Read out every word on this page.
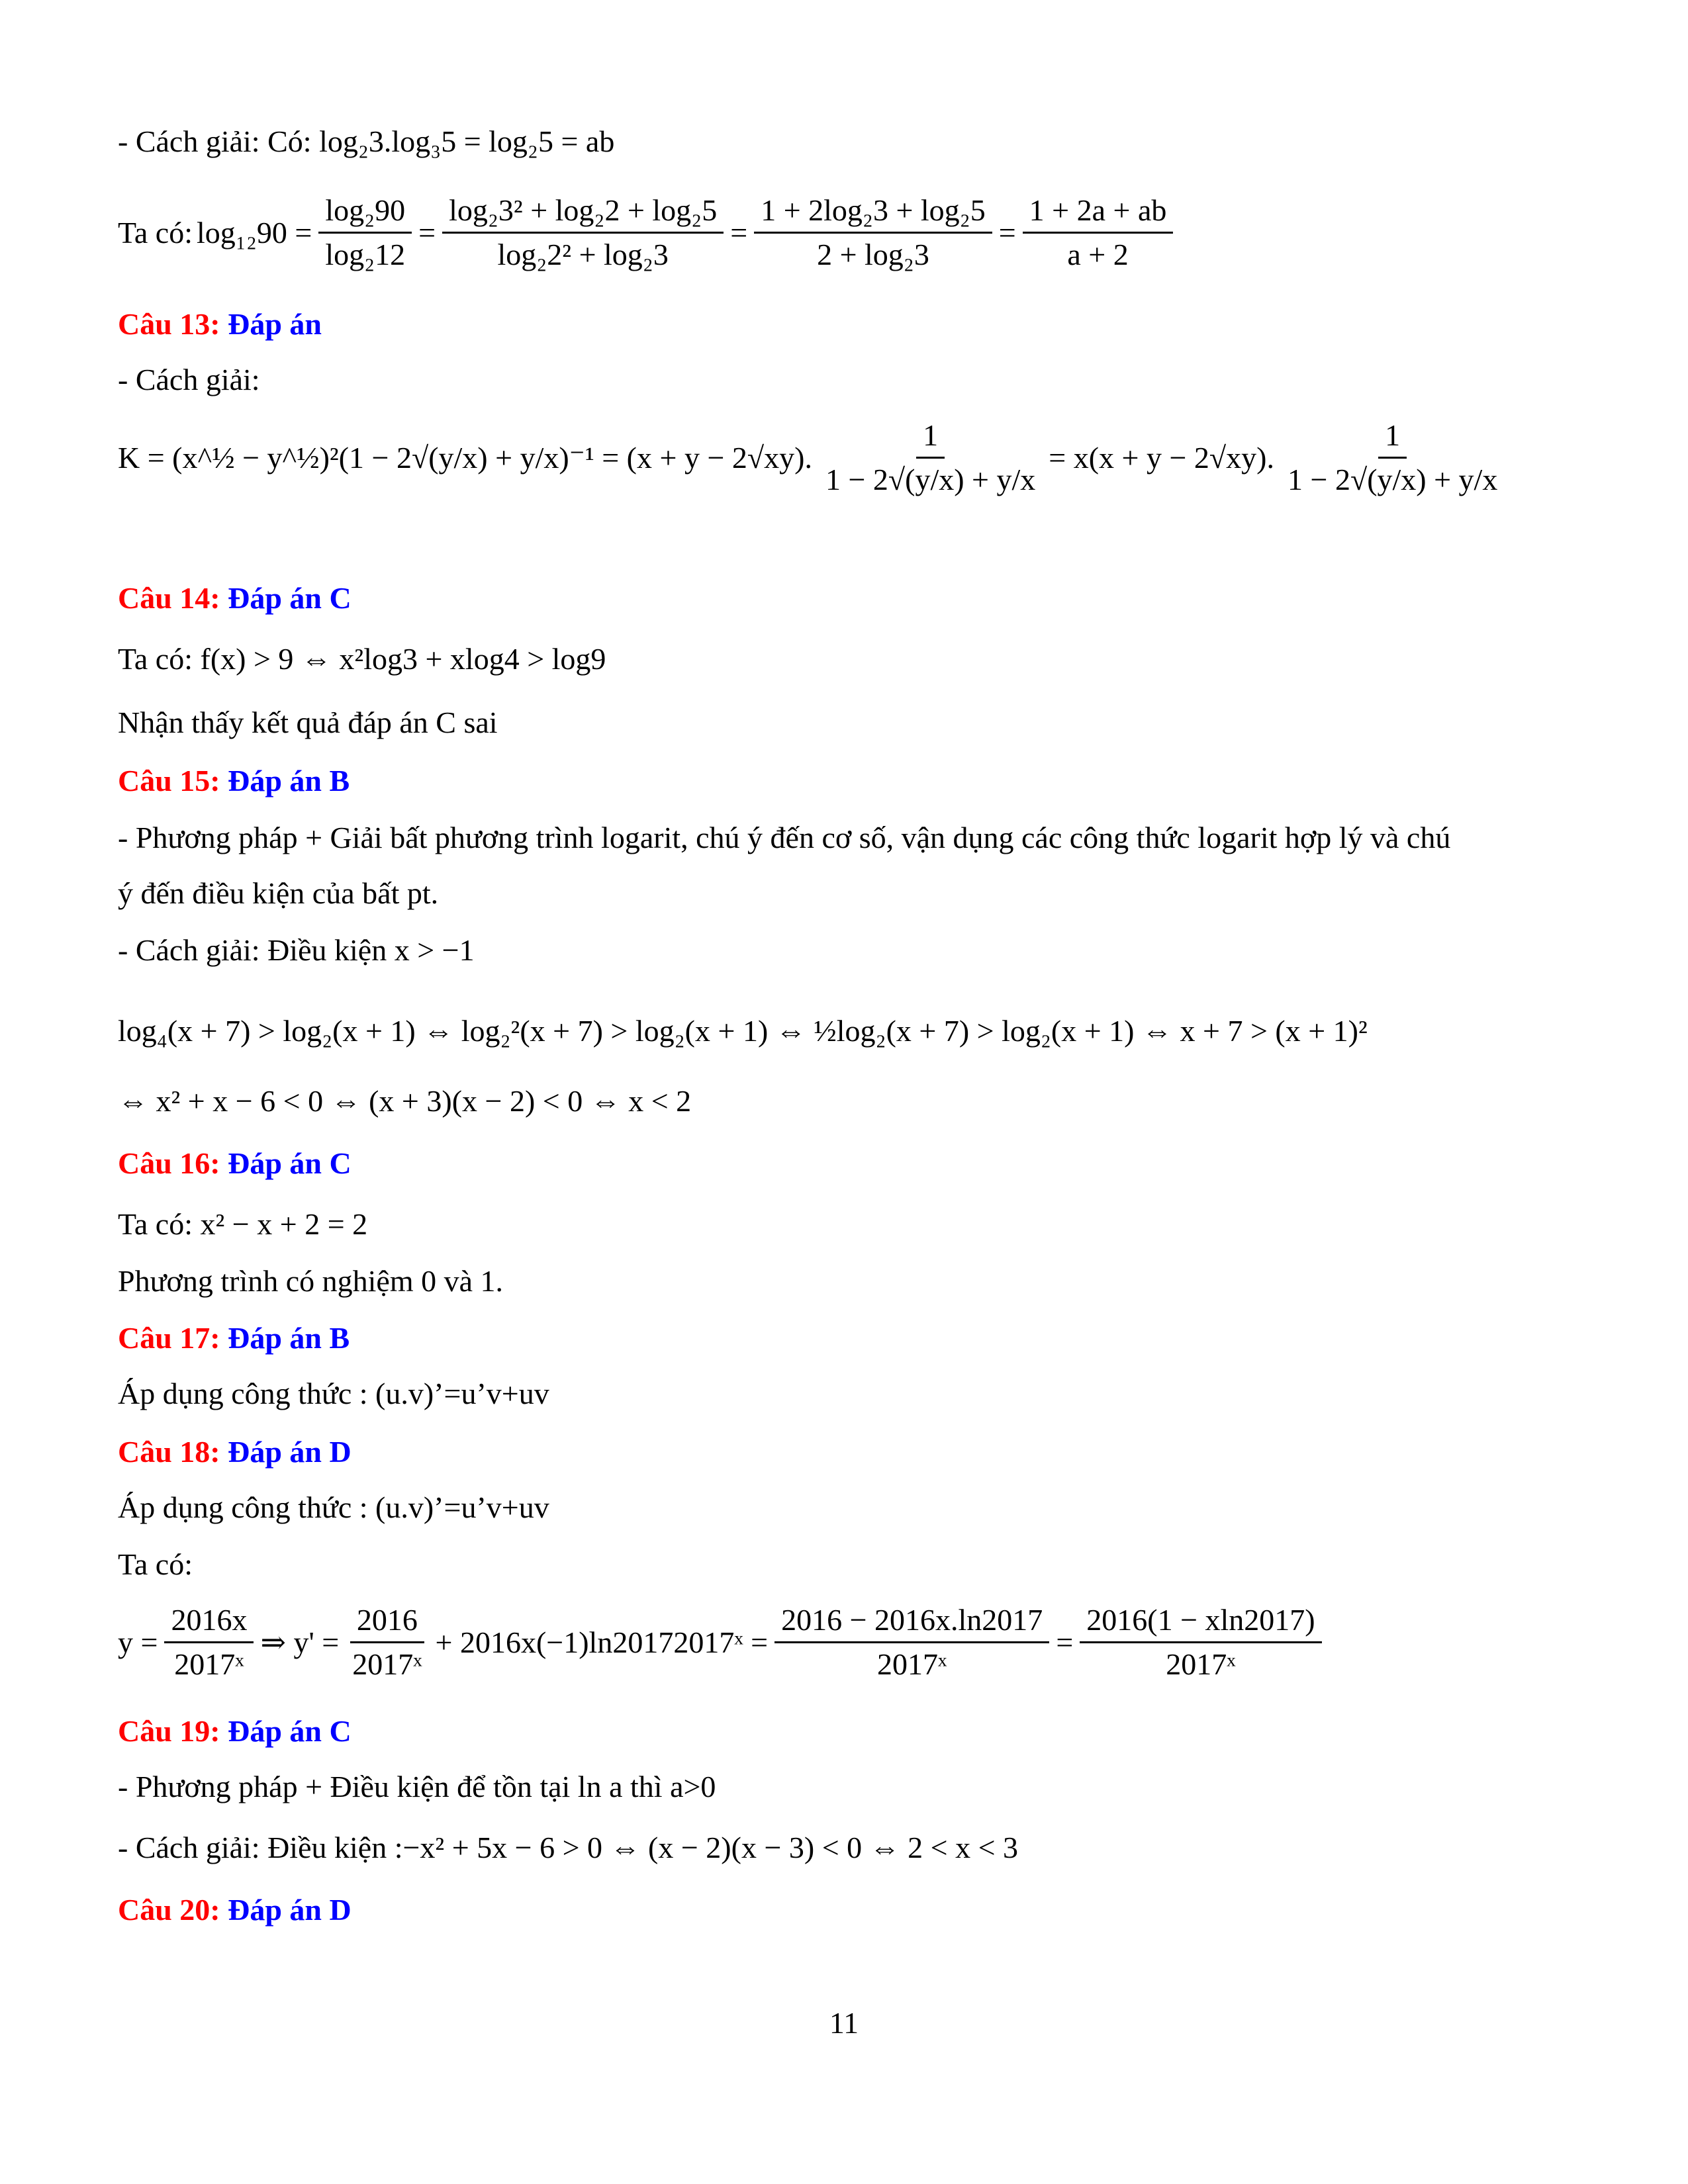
- Cách giải: Có: log₂3.log₃5 = log₂5 = ab
Ta có: $\log_{12}90 = \frac{\text{log₂90}}{\text{log₂12}} = \frac{\text{log₂3² + log₂2 + log₂5}}{\text{log₂2² + log₂3}} = \frac{\text{1 + 2log₂3 + log₂5}}{\text{2 + log₂3}} = \frac{1 + 2a + ab}{a + 2}$
Câu 13: Đáp án
- Cách giải:
K = (x^½ − y^½)²(1 − 2√(y/x) + y/x)⁻¹ = (x + y − 2√xy). $\frac{1}{1 - 2√(y/x) + y/x} = x(x + y - 2√xy)$. $\frac{1}{1 - 2√(y/x) + y/x}$
Câu 14: Đáp án C
Ta có: f(x) > 9 ⇔ x²log3 + xlog4 > log9
Nhận thấy kết quả đáp án C sai
Câu 15: Đáp án B
- Phương pháp + Giải bất phương trình logarit, chú ý đến cơ số, vận dụng các công thức logarit hợp lý và chú
ý đến điều kiện của bất pt.
- Cách giải: Điều kiện x > −1
log₄(x + 7) > log₂(x + 1) ⇔ log₂²(x + 7) > log₂(x + 1) ⇔ ½log₂(x + 7) > log₂(x + 1) ⇔ x + 7 > (x + 1)²
⇔ x² + x − 6 < 0 ⇔ (x + 3)(x − 2) < 0 ⇔ x < 2
Câu 16: Đáp án C
Ta có: x² − x + 2 = 2
Phương trình có nghiệm 0 và 1.
Câu 17: Đáp án B
Áp dụng công thức : (u.v)’=u’v+uv
Câu 18: Đáp án D
Áp dụng công thức : (u.v)’=u’v+uv
Ta có:
$y = \frac{2016x}{\text{2017ˣ}}$ ⇒ $y' = \frac{2016}{\text{2017ˣ}}$ + 2016x(−1)ln20172017ˣ = $\frac{2016 - 2016x.\ln 2017}{\text{2017ˣ}} = \frac{2016(1 - xln2017)}{\text{2017ˣ}}$
Câu 19: Đáp án C
- Phương pháp + Điều kiện để tồn tại ln a thì a>0
- Cách giải: Điều kiện :−x² + 5x − 6 > 0 ⇔ (x − 2)(x − 3) < 0 ⇔ 2 < x < 3
Câu 20: Đáp án D
11
